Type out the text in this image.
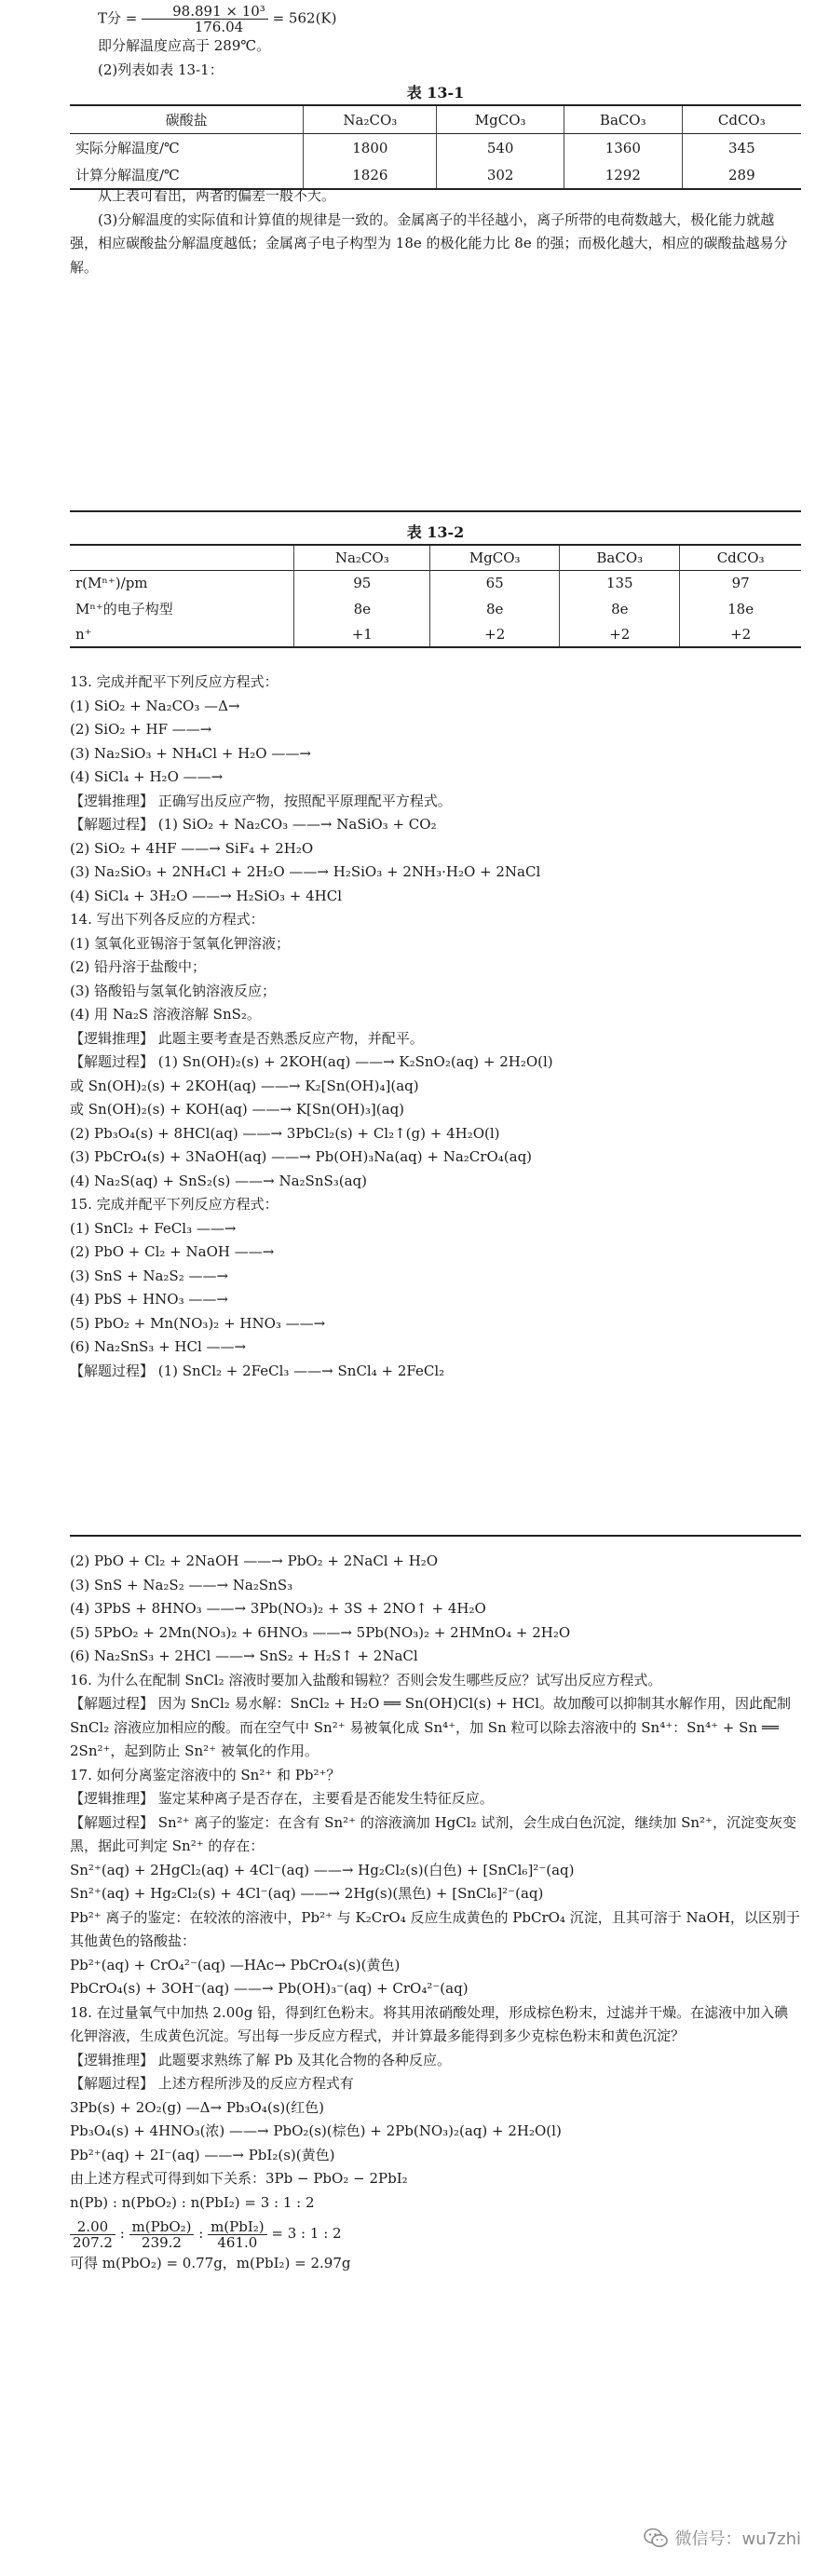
T分 = $\frac{\text{98.891 × 10³}}{176.04} = 562(K)$
即分解温度应高于 289℃。
(2)列表如表 13-1：
表 13-1
碳酸盐	Na₂CO₃	MgCO₃	BaCO₃	CdCO₃
实际分解温度/℃	1800	540	1360	345
计算分解温度/℃	1826	302	1292	289
从上表可看出，两者的偏差一般不大。
(3)分解温度的实际值和计算值的规律是一致的。金属离子的半径越小，离子所带的电荷数越大，极化能力就越强，相应碳酸盐分解温度越低；金属离子电子构型为 18e 的极化能力比 8e 的强；而极化越大，相应的碳酸盐越易分解。
表 13-2
	Na₂CO₃	MgCO₃	BaCO₃	CdCO₃
r(Mⁿ⁺)/pm	95	65	135	97
Mⁿ⁺的电子构型	8e	8e	8e	18e
n⁺	+1	+2	+2	+2
13. 完成并配平下列反应方程式：
(1) SiO₂ + Na₂CO₃ —Δ→
(2) SiO₂ + HF ——→
(3) Na₂SiO₃ + NH₄Cl + H₂O ——→
(4) SiCl₄ + H₂O ——→
【逻辑推理】 正确写出反应产物，按照配平原理配平方程式。
【解题过程】 (1) SiO₂ + Na₂CO₃ ——→ NaSiO₃ + CO₂
(2) SiO₂ + 4HF ——→ SiF₄ + 2H₂O
(3) Na₂SiO₃ + 2NH₄Cl + 2H₂O ——→ H₂SiO₃ + 2NH₃·H₂O + 2NaCl
(4) SiCl₄ + 3H₂O ——→ H₂SiO₃ + 4HCl
14. 写出下列各反应的方程式：
(1) 氢氧化亚锡溶于氢氧化钾溶液；
(2) 铅丹溶于盐酸中；
(3) 铬酸铅与氢氧化钠溶液反应；
(4) 用 Na₂S 溶液溶解 SnS₂。
【逻辑推理】 此题主要考查是否熟悉反应产物，并配平。
【解题过程】 (1) Sn(OH)₂(s) + 2KOH(aq) ——→ K₂SnO₂(aq) + 2H₂O(l)
或 Sn(OH)₂(s) + 2KOH(aq) ——→ K₂[Sn(OH)₄](aq)
或 Sn(OH)₂(s) + KOH(aq) ——→ K[Sn(OH)₃](aq)
(2) Pb₃O₄(s) + 8HCl(aq) ——→ 3PbCl₂(s) + Cl₂↑(g) + 4H₂O(l)
(3) PbCrO₄(s) + 3NaOH(aq) ——→ Pb(OH)₃Na(aq) + Na₂CrO₄(aq)
(4) Na₂S(aq) + SnS₂(s) ——→ Na₂SnS₃(aq)
15. 完成并配平下列反应方程式：
(1) SnCl₂ + FeCl₃ ——→
(2) PbO + Cl₂ + NaOH ——→
(3) SnS + Na₂S₂ ——→
(4) PbS + HNO₃ ——→
(5) PbO₂ + Mn(NO₃)₂ + HNO₃ ——→
(6) Na₂SnS₃ + HCl ——→
【解题过程】 (1) SnCl₂ + 2FeCl₃ ——→ SnCl₄ + 2FeCl₂
(2) PbO + Cl₂ + 2NaOH ——→ PbO₂ + 2NaCl + H₂O
(3) SnS + Na₂S₂ ——→ Na₂SnS₃
(4) 3PbS + 8HNO₃ ——→ 3Pb(NO₃)₂ + 3S + 2NO↑ + 4H₂O
(5) 5PbO₂ + 2Mn(NO₃)₂ + 6HNO₃ ——→ 5Pb(NO₃)₂ + 2HMnO₄ + 2H₂O
(6) Na₂SnS₃ + 2HCl ——→ SnS₂ + H₂S↑ + 2NaCl
16. 为什么在配制 SnCl₂ 溶液时要加入盐酸和锡粒？否则会发生哪些反应？试写出反应方程式。
【解题过程】 因为 SnCl₂ 易水解：SnCl₂ + H₂O ══ Sn(OH)Cl(s) + HCl。故加酸可以抑制其水解作用，因此配制 SnCl₂ 溶液应加相应的酸。而在空气中 Sn²⁺ 易被氧化成 Sn⁴⁺，加 Sn 粒可以除去溶液中的 Sn⁴⁺：Sn⁴⁺ + Sn ══ 2Sn²⁺，起到防止 Sn²⁺ 被氧化的作用。
17. 如何分离鉴定溶液中的 Sn²⁺ 和 Pb²⁺？
【逻辑推理】 鉴定某种离子是否存在，主要看是否能发生特征反应。
【解题过程】 Sn²⁺ 离子的鉴定：在含有 Sn²⁺ 的溶液滴加 HgCl₂ 试剂，会生成白色沉淀，继续加 Sn²⁺，沉淀变灰变黑，据此可判定 Sn²⁺ 的存在：
Sn²⁺(aq) + 2HgCl₂(aq) + 4Cl⁻(aq) ——→ Hg₂Cl₂(s)(白色) + [SnCl₆]²⁻(aq)
Sn²⁺(aq) + Hg₂Cl₂(s) + 4Cl⁻(aq) ——→ 2Hg(s)(黑色) + [SnCl₆]²⁻(aq)
Pb²⁺ 离子的鉴定：在较浓的溶液中，Pb²⁺ 与 K₂CrO₄ 反应生成黄色的 PbCrO₄ 沉淀，且其可溶于 NaOH，以区别于其他黄色的铬酸盐：
Pb²⁺(aq) + CrO₄²⁻(aq) —HAc→ PbCrO₄(s)(黄色)
PbCrO₄(s) + 3OH⁻(aq) ——→ Pb(OH)₃⁻(aq) + CrO₄²⁻(aq)
18. 在过量氧气中加热 2.00g 铅，得到红色粉末。将其用浓硝酸处理，形成棕色粉末，过滤并干燥。在滤液中加入碘化钾溶液，生成黄色沉淀。写出每一步反应方程式，并计算最多能得到多少克棕色粉末和黄色沉淀？
【逻辑推理】 此题要求熟练了解 Pb 及其化合物的各种反应。
【解题过程】 上述方程所涉及的反应方程式有
3Pb(s) + 2O₂(g) —Δ→ Pb₃O₄(s)(红色)
Pb₃O₄(s) + 4HNO₃(浓) ——→ PbO₂(s)(棕色) + 2Pb(NO₃)₂(aq) + 2H₂O(l)
Pb²⁺(aq) + 2I⁻(aq) ——→ PbI₂(s)(黄色)
由上述方程式可得到如下关系：3Pb − PbO₂ − 2PbI₂
n(Pb) : n(PbO₂) : n(PbI₂) = 3 : 1 : 2
$\frac{2.00}{207.2}$ : $\frac{\text{m(PbO₂)}}{239.2}$ : $\frac{\text{m(PbI₂)}}{461.0} = 3$ : 1 : 2
可得 m(PbO₂) = 0.77g，m(PbI₂) = 2.97g
微信号：wu7zhi
